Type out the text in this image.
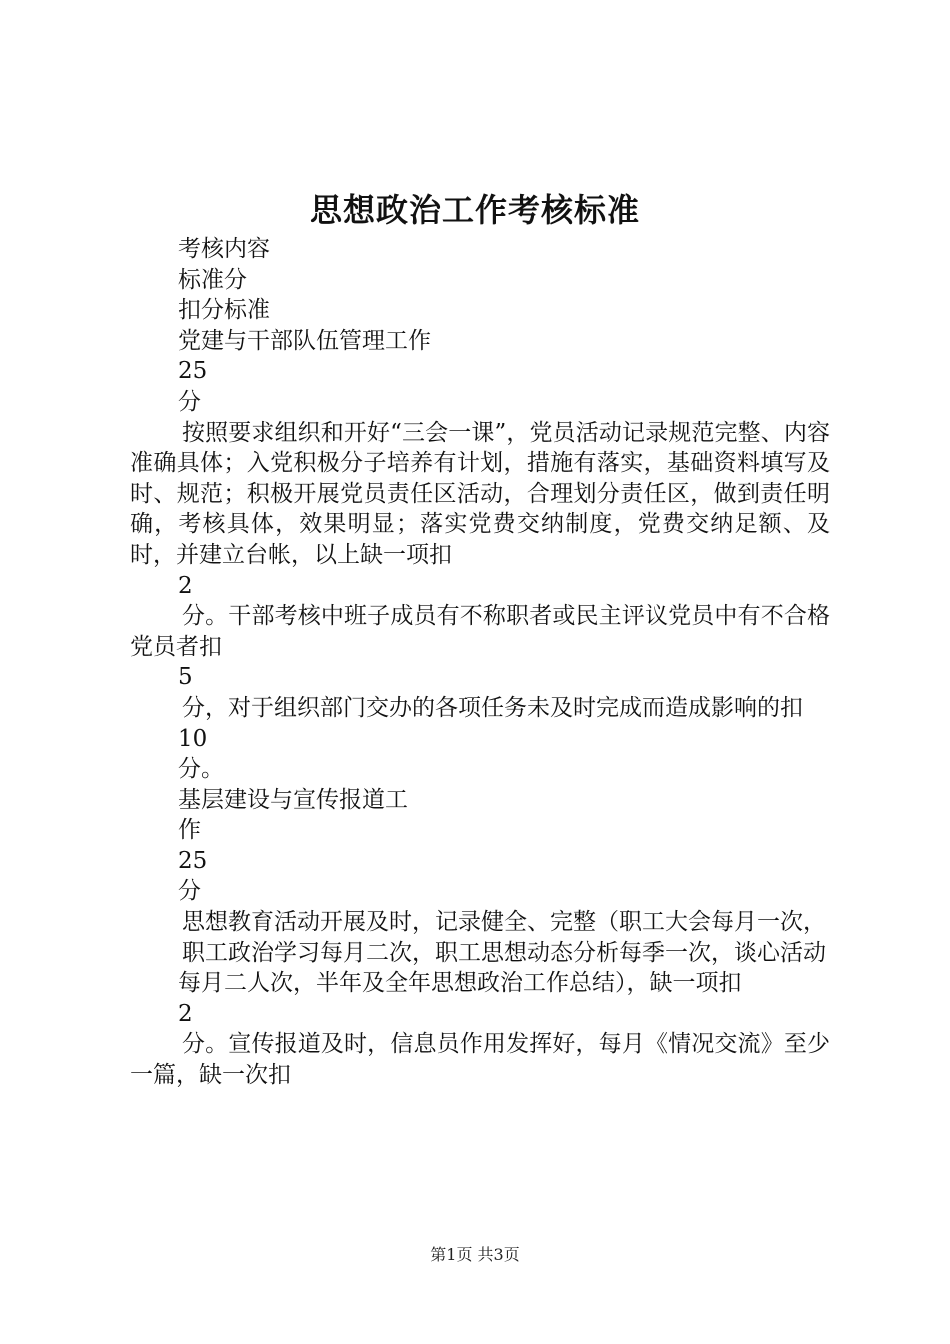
思想政治工作考核标准

考核内容

标准分

扣分标准

党建与干部队伍管理工作

25

分

按照要求组织和开好“三会一课”，党员活动记录规范完整、内容准确具体；入党积极分子培养有计划，措施有落实，基础资料填写及时、规范；积极开展党员责任区活动，合理划分责任区，做到责任明确，考核具体，效果明显；落实党费交纳制度，党费交纳足额、及时，并建立台帐，以上缺一项扣

2

分。干部考核中班子成员有不称职者或民主评议党员中有不合格党员者扣

5

分，对于组织部门交办的各项任务未及时完成而造成影响的扣

10

分。

基层建设与宣传报道工

作

25

分

思想教育活动开展及时，记录健全、完整（职工大会每月一次，

职工政治学习每月二次，职工思想动态分析每季一次，谈心活动

每月二人次，半年及全年思想政治工作总结），缺一项扣

2

分。宣传报道及时，信息员作用发挥好，每月《情况交流》至少一篇，缺一次扣

第1页 共3页
